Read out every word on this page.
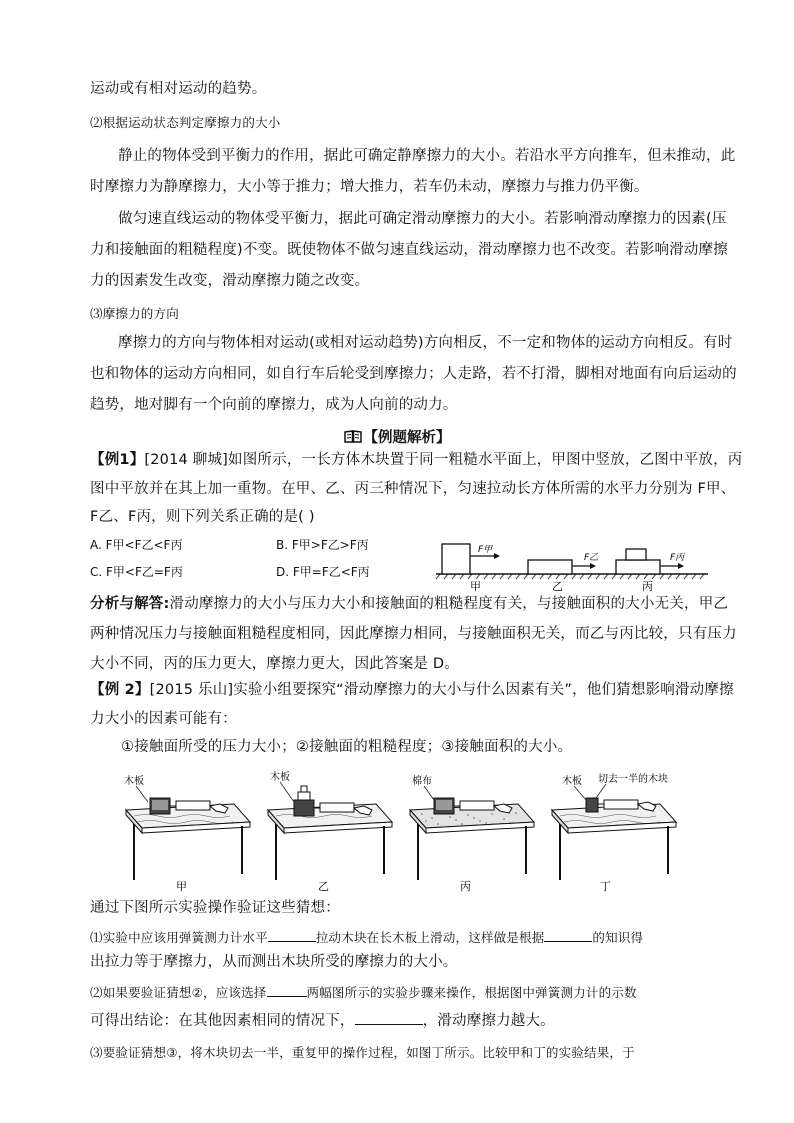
运动或有相对运动的趋势。
⑵根据运动状态判定摩擦力的大小
静止的物体受到平衡力的作用，据此可确定静摩擦力的大小。若沿水平方向推车，但未推动，此
时摩擦力为静摩擦力，大小等于推力；增大推力，若车仍未动，摩擦力与推力仍平衡。
做匀速直线运动的物体受平衡力，据此可确定滑动摩擦力的大小。若影响滑动摩擦力的因素(压
力和接触面的粗糙程度)不变。既使物体不做匀速直线运动，滑动摩擦力也不改变。若影响滑动摩擦
力的因素发生改变，滑动摩擦力随之改变。
⑶摩擦力的方向
摩擦力的方向与物体相对运动(或相对运动趋势)方向相反，不一定和物体的运动方向相反。有时
也和物体的运动方向相同，如自行车后轮受到摩擦力；人走路，若不打滑，脚相对地面有向后运动的
趋势，地对脚有一个向前的摩擦力，成为人向前的动力。
【例题解析】
【例1】[2014 聊城]如图所示，一长方体木块置于同一粗糙水平面上，甲图中竖放，乙图中平放，丙
图中平放并在其上加一重物。在甲、乙、丙三种情况下，匀速拉动长方体所需的水平力分别为 F甲、
F乙、F丙，则下列关系正确的是( )
A. F甲<F乙<F丙	B. F甲>F乙>F丙
C. F甲<F乙=F丙	D. F甲=F乙<F丙
F甲
F乙	F丙
甲	乙	丙
分析与解答:滑动摩擦力的大小与压力大小和接触面的粗糙程度有关，与接触面积的大小无关，甲乙
两种情况压力与接触面粗糙程度相同，因此摩擦力相同，与接触面积无关，而乙与丙比较，只有压力
大小不同，丙的压力更大，摩擦力更大，因此答案是 D。
【例 2】[2015 乐山]实验小组要探究“滑动摩擦力的大小与什么因素有关”，他们猜想影响滑动摩擦
力大小的因素可能有：
①接触面所受的压力大小；②接触面的粗糙程度；③接触面积的大小。
木板
甲
木板
乙
棉布
丙
木板 切去一半的木块
丁
通过下图所示实验操作验证这些猜想：
⑴实验中应该用弹簧测力计水平	拉动木块在长木板上滑动，这样做是根据	的知识得
出拉力等于摩擦力，从而测出木块所受的摩擦力的大小。
⑵如果要验证猜想②，应该选择	两幅图所示的实验步骤来操作，根据图中弹簧测力计的示数
可得出结论：在其他因素相同的情况下，	，滑动摩擦力越大。
⑶要验证猜想③，将木块切去一半，重复甲的操作过程，如图丁所示。比较甲和丁的实验结果，于
